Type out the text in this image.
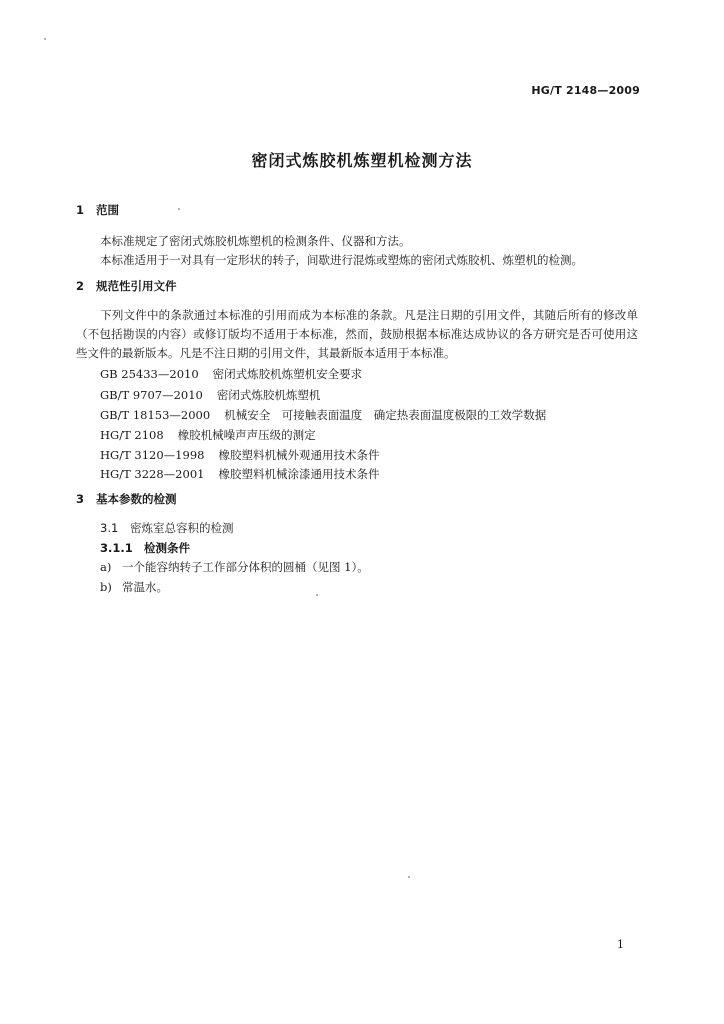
HG/T 2148—2009
密闭式炼胶机炼塑机检测方法
1 范围
本标准规定了密闭式炼胶机炼塑机的检测条件、仪器和方法。
本标准适用于一对具有一定形状的转子，间歇进行混炼或塑炼的密闭式炼胶机、炼塑机的检测。
2 规范性引用文件
下列文件中的条款通过本标准的引用而成为本标准的条款。凡是注日期的引用文件，其随后所有的修改单（不包括勘误的内容）或修订版均不适用于本标准，然而，鼓励根据本标准达成协议的各方研究是否可使用这些文件的最新版本。凡是不注日期的引用文件，其最新版本适用于本标准。
GB 25433—2010 密闭式炼胶机炼塑机安全要求
GB/T 9707—2010 密闭式炼胶机炼塑机
GB/T 18153—2000 机械安全　可接触表面温度　确定热表面温度极限的工效学数据
HG/T 2108 橡胶机械噪声声压级的测定
HG/T 3120—1998 橡胶塑料机械外观通用技术条件
HG/T 3228—2001 橡胶塑料机械涂漆通用技术条件
3 基本参数的检测
3.1 密炼室总容积的检测
3.1.1 检测条件
a) 一个能容纳转子工作部分体积的圆桶（见图 1）。
b) 常温水。
1
